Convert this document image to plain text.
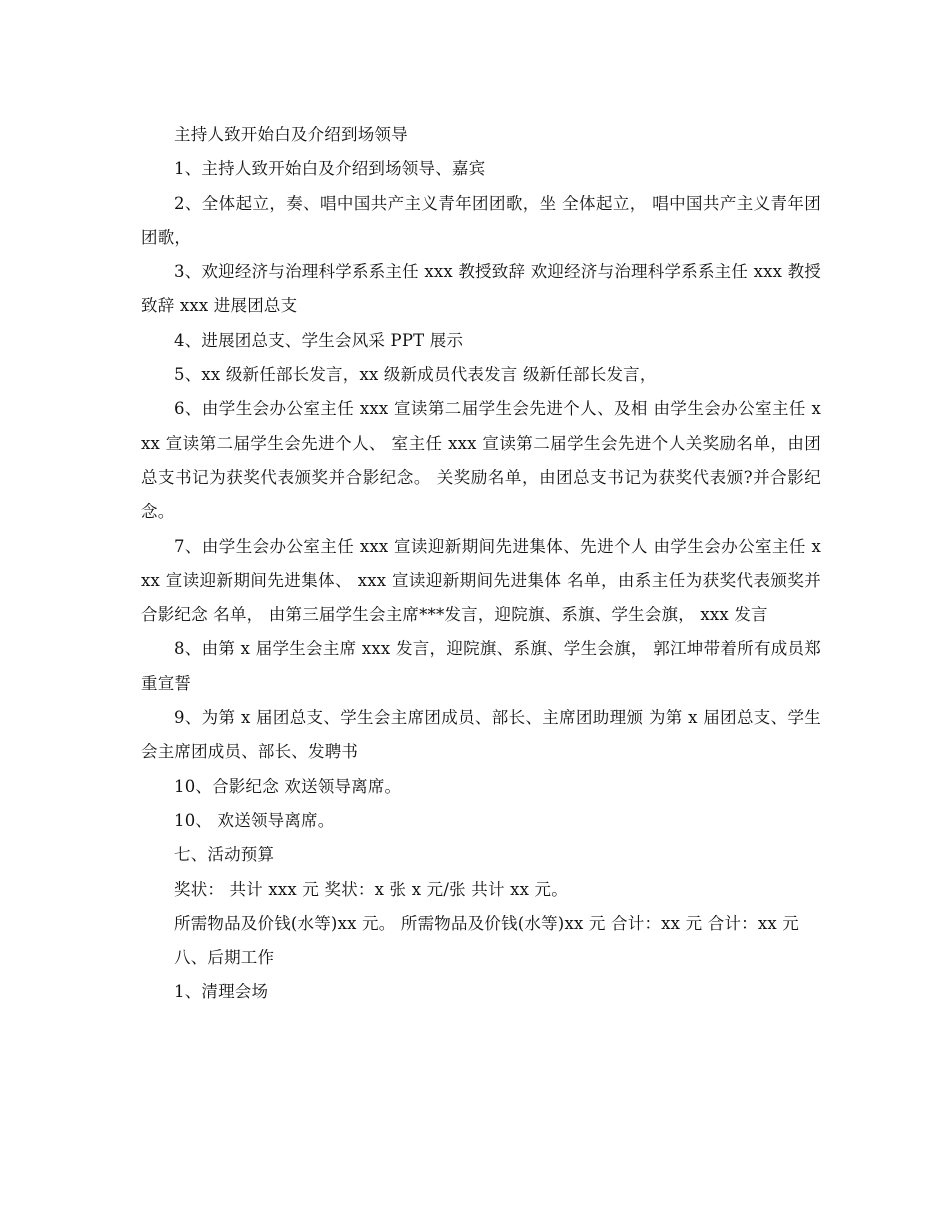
主持人致开始白及介绍到场领导

1、主持人致开始白及介绍到场领导、嘉宾

2、全体起立，奏、唱中国共产主义青年团团歌，坐 全体起立， 唱中国共产主义青年团团歌，

3、欢迎经济与治理科学系系主任 xxx 教授致辞 欢迎经济与治理科学系系主任 xxx 教授致辞 xxx 进展团总支

4、进展团总支、学生会风采 PPT 展示

5、xx 级新任部长发言，xx 级新成员代表发言 级新任部长发言，

6、由学生会办公室主任 xxx 宣读第二届学生会先进个人、及相 由学生会办公室主任 xxx 宣读第二届学生会先进个人、 室主任 xxx 宣读第二届学生会先进个人关奖励名单，由团总支书记为获奖代表颁奖并合影纪念。 关奖励名单，由团总支书记为获奖代表颁?并合影纪念。

7、由学生会办公室主任 xxx 宣读迎新期间先进集体、先进个人 由学生会办公室主任 xxx 宣读迎新期间先进集体、 xxx 宣读迎新期间先进集体 名单，由系主任为获奖代表颁奖并合影纪念 名单， 由第三届学生会主席***发言，迎院旗、系旗、学生会旗， xxx 发言

8、由第 x 届学生会主席 xxx 发言，迎院旗、系旗、学生会旗， 郭江坤带着所有成员郑重宣誓

9、为第 x 届团总支、学生会主席团成员、部长、主席团助理颁 为第 x 届团总支、学生会主席团成员、部长、发聘书

10、合影纪念 欢送领导离席。

10、 欢送领导离席。

七、活动预算

奖状： 共计 xxx 元 奖状：x 张 x 元/张 共计 xx 元。

所需物品及价钱(水等)xx 元。 所需物品及价钱(水等)xx 元 合计：xx 元 合计：xx 元

八、后期工作

1、清理会场
